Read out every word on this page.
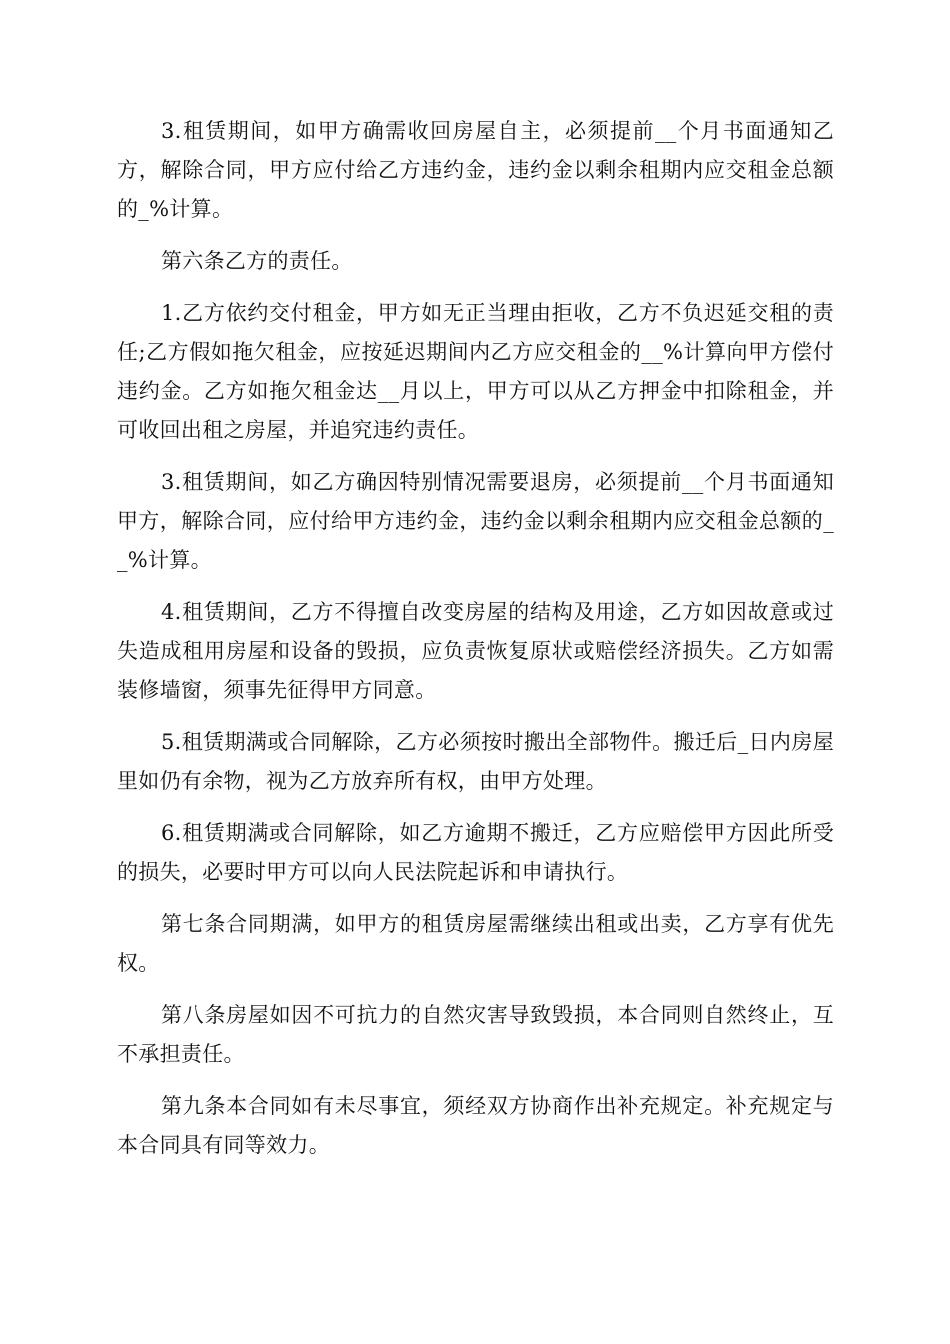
3.租赁期间，如甲方确需收回房屋自主，必须提前__个月书面通知乙方，解除合同，甲方应付给乙方违约金，违约金以剩余租期内应交租金总额的_%计算。

第六条乙方的责任。

1.乙方依约交付租金，甲方如无正当理由拒收，乙方不负迟延交租的责任;乙方假如拖欠租金，应按延迟期间内乙方应交租金的__%计算向甲方偿付违约金。乙方如拖欠租金达__月以上，甲方可以从乙方押金中扣除租金，并可收回出租之房屋，并追究违约责任。

3.租赁期间，如乙方确因特别情况需要退房，必须提前__个月书面通知甲方，解除合同，应付给甲方违约金，违约金以剩余租期内应交租金总额的__%计算。

4.租赁期间，乙方不得擅自改变房屋的结构及用途，乙方如因故意或过失造成租用房屋和设备的毁损，应负责恢复原状或赔偿经济损失。乙方如需装修墙窗，须事先征得甲方同意。

5.租赁期满或合同解除，乙方必须按时搬出全部物件。搬迁后_日内房屋里如仍有余物，视为乙方放弃所有权，由甲方处理。

6.租赁期满或合同解除，如乙方逾期不搬迁，乙方应赔偿甲方因此所受的损失，必要时甲方可以向人民法院起诉和申请执行。

第七条合同期满，如甲方的租赁房屋需继续出租或出卖，乙方享有优先权。

第八条房屋如因不可抗力的自然灾害导致毁损，本合同则自然终止，互不承担责任。

第九条本合同如有未尽事宜，须经双方协商作出补充规定。补充规定与本合同具有同等效力。
